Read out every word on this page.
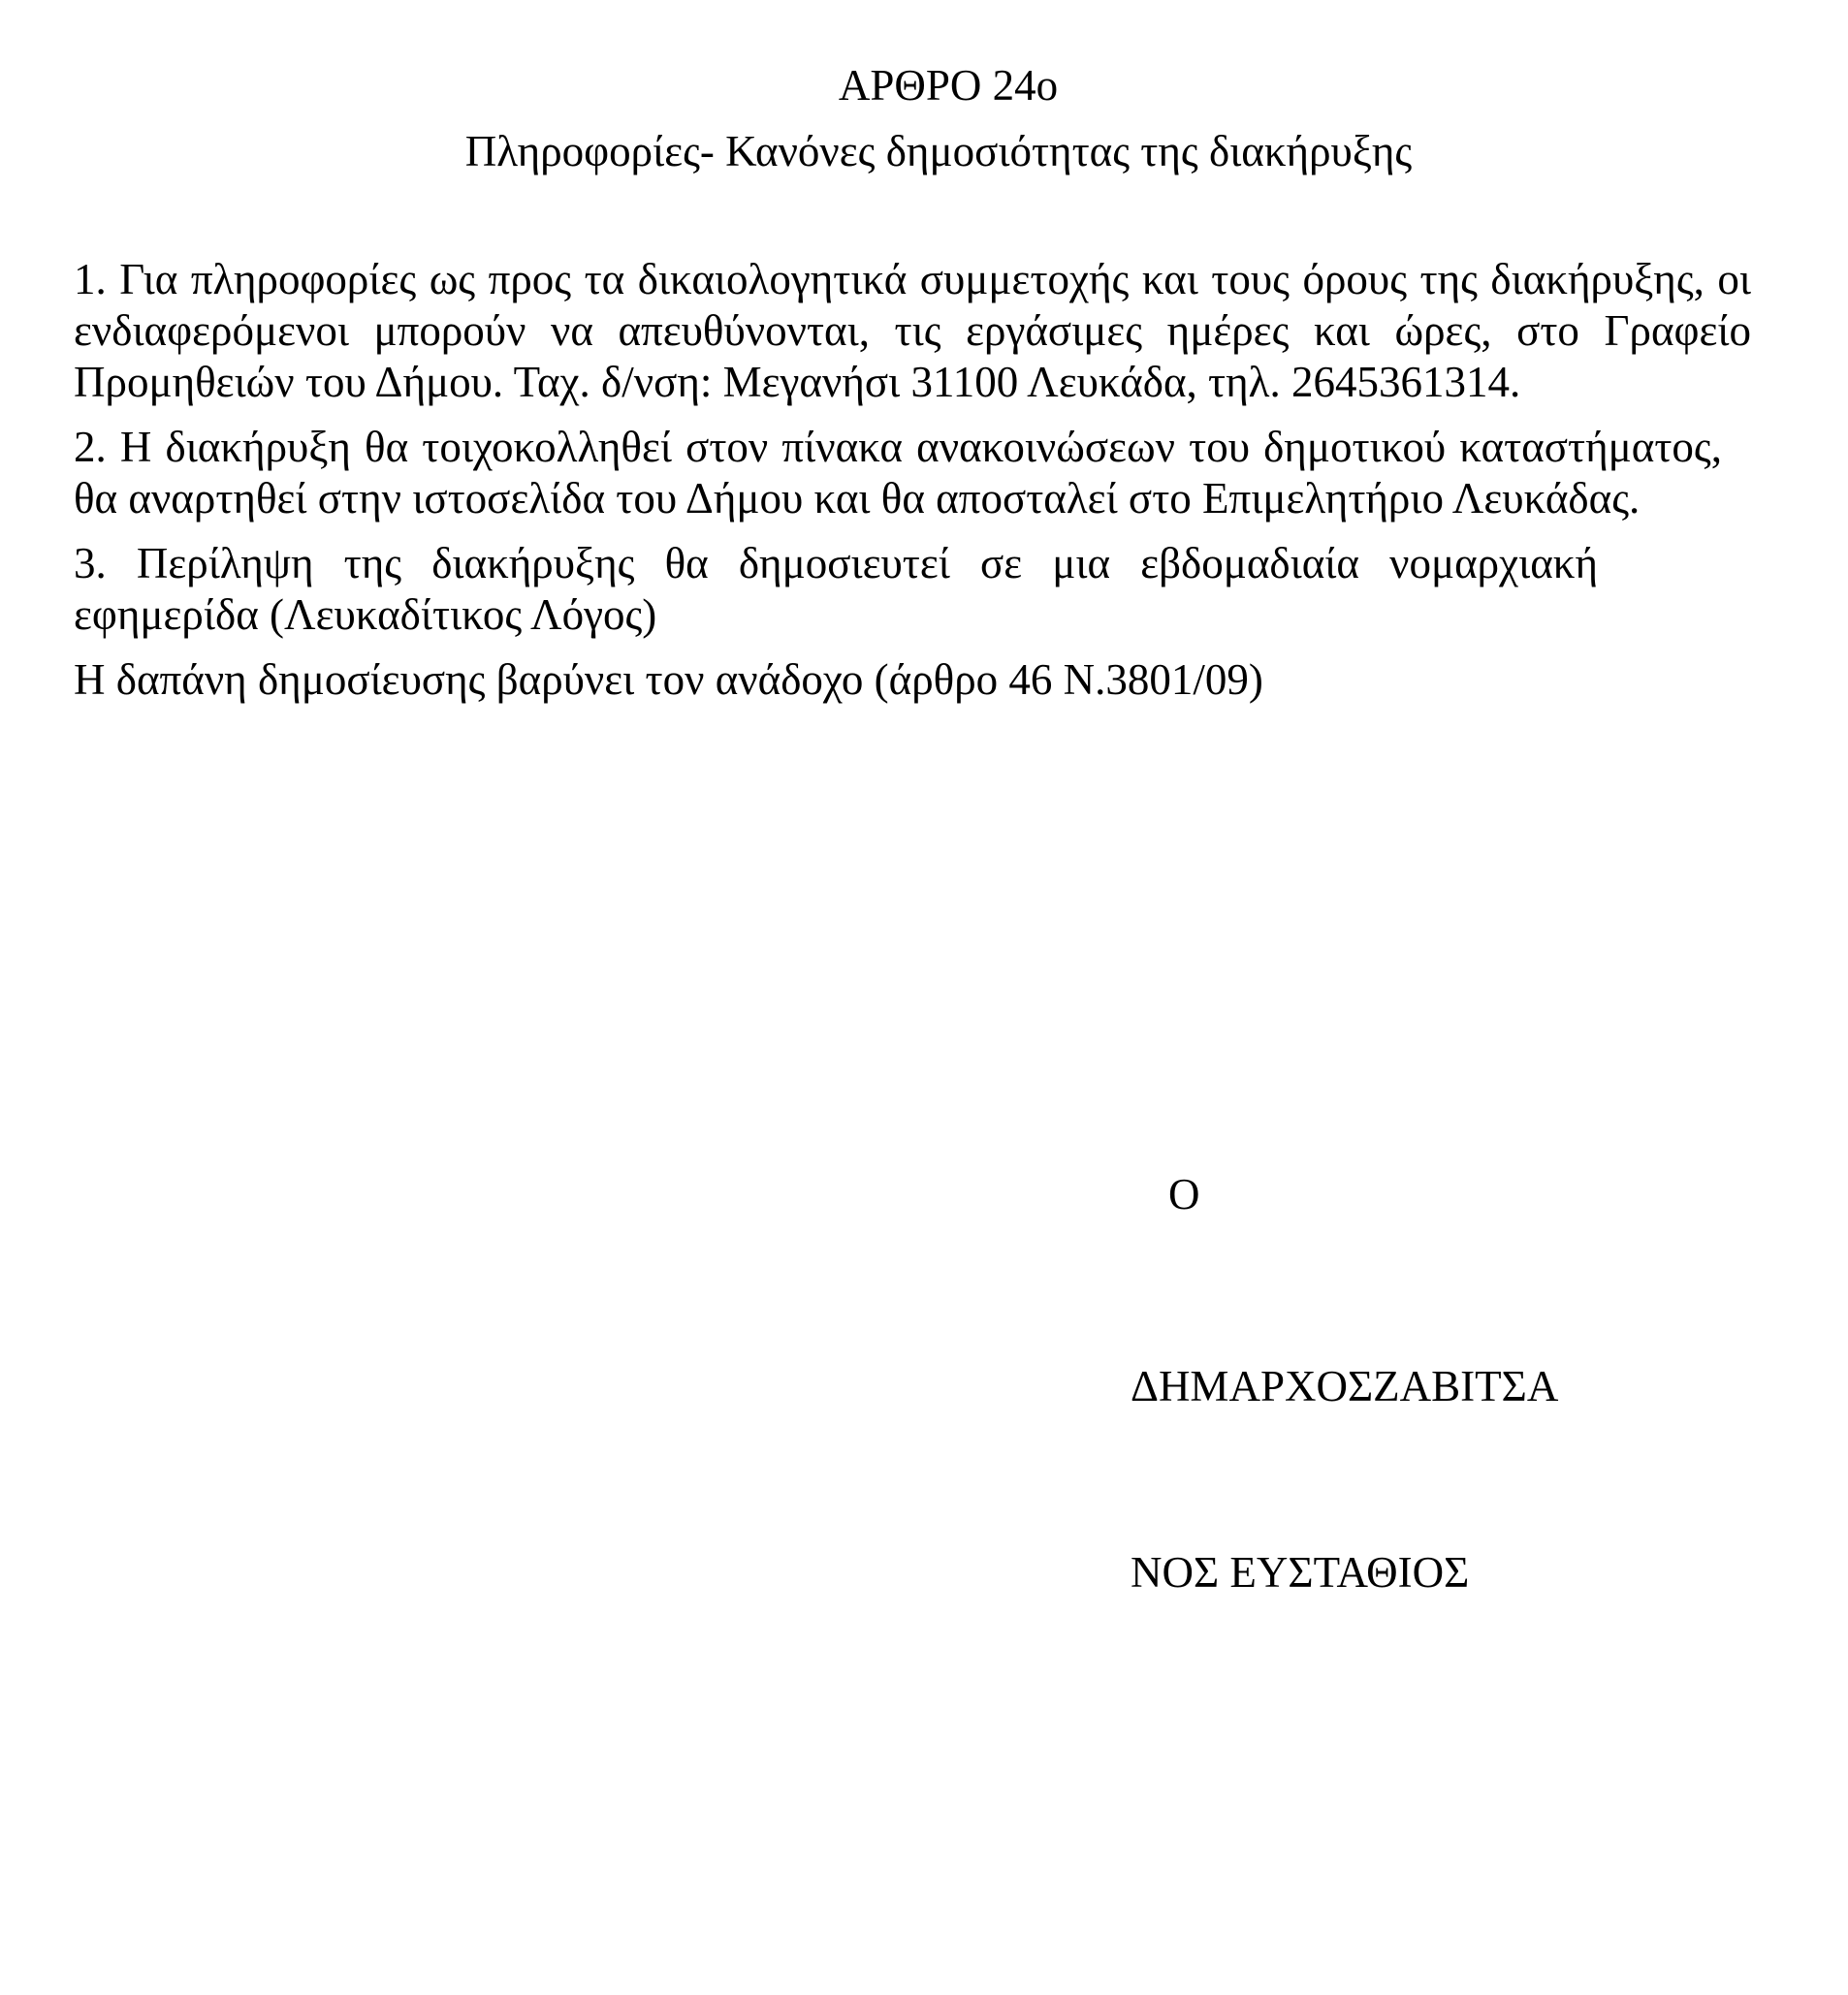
ΑΡΘΡΟ 24ο
Πληροφορίες- Κανόνες δημοσιότητας της διακήρυξης

1. Για πληροφορίες ως προς τα δικαιολογητικά συμμετοχής και τους όρους της διακήρυξης, οι ενδιαφερόμενοι μπορούν να απευθύνονται, τις εργάσιμες ημέρες και ώρες, στο Γραφείο Προμηθειών του Δήμου. Ταχ. δ/νση: Μεγανήσι 31100 Λευκάδα, τηλ. 2645361314.

2. Η διακήρυξη θα τοιχοκολληθεί στον πίνακα ανακοινώσεων του δημοτικού καταστήματος, θα αναρτηθεί στην ιστοσελίδα του Δήμου και θα αποσταλεί στο Επιμελητήριο Λευκάδας.

3. Περίληψη της διακήρυξης θα δημοσιευτεί σε μια εβδομαδιαία νομαρχιακή εφημερίδα (Λευκαδίτικος Λόγος)

Η δαπάνη δημοσίευσης βαρύνει τον ανάδοχο (άρθρο 46 Ν.3801/09)

Ο
ΔΗΜΑΡΧΟΣΖΑΒΙΤΣΑ
ΝΟΣ ΕΥΣΤΑΘΙΟΣ
